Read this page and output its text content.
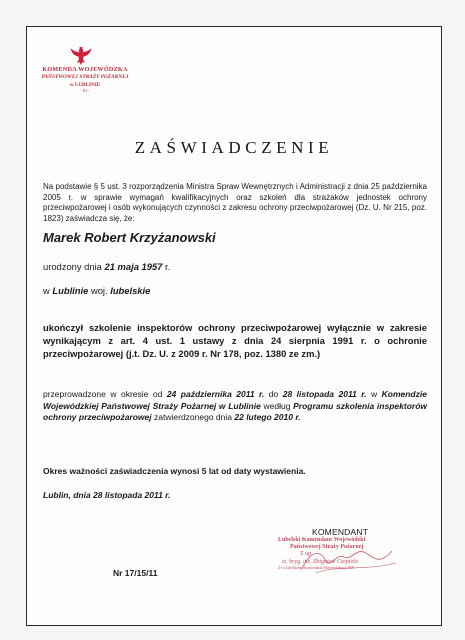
KOMENDA WOJEWÓDZKA
PAŃSTWOWEJ STRAŻY POŻARNEJ
w LUBLINIE
- 01 -
ZAŚWIADCZENIE
Na podstawie § 5 ust. 3 rozporządzenia Ministra Spraw Wewnętrznych i Administracji z dnia 25 października 2005 r. w sprawie wymagań kwalifikacyjnych oraz szkoleń dla strażaków jednostek ochrony przeciwpożarowej i osób wykonujących czynności z zakresu ochrony przeciwpożarowej (Dz. U. Nr 215, poz. 1823) zaświadcza się, że:
Marek Robert Krzyżanowski
urodzony dnia 21 maja 1957 r.
w Lublinie woj. lubelskie
ukończył szkolenie inspektorów ochrony przeciwpożarowej wyłącznie w zakresie wynikającym z art. 4 ust. 1 ustawy z dnia 24 sierpnia 1991 r. o ochronie przeciwpożarowej (j.t. Dz. U. z 2009 r. Nr 178, poz. 1380 ze zm.)
przeprowadzone w okresie od 24 października 2011 r. do 28 listopada 2011 r. w Komendzie Wojewódzkiej Państwowej Straży Pożarnej w Lublinie według Programu szkolenia inspektorów ochrony przeciwpożarowej zatwierdzonego dnia 22 lutego 2010 r.
Okres ważności zaświadczenia wynosi 5 lat od daty wystawienia.
Lublin, dnia 28 listopada 2011 r.
KOMENDANT
Lubelski Komendant Wojewódzki
Państwowej Straży Pożarnej
Z up.
st. bryg. inż. Zbigniew Czepiela
Z-ca Lubelskiego Komendanta Wojewódzkiego PSP
Nr 17/15/11
